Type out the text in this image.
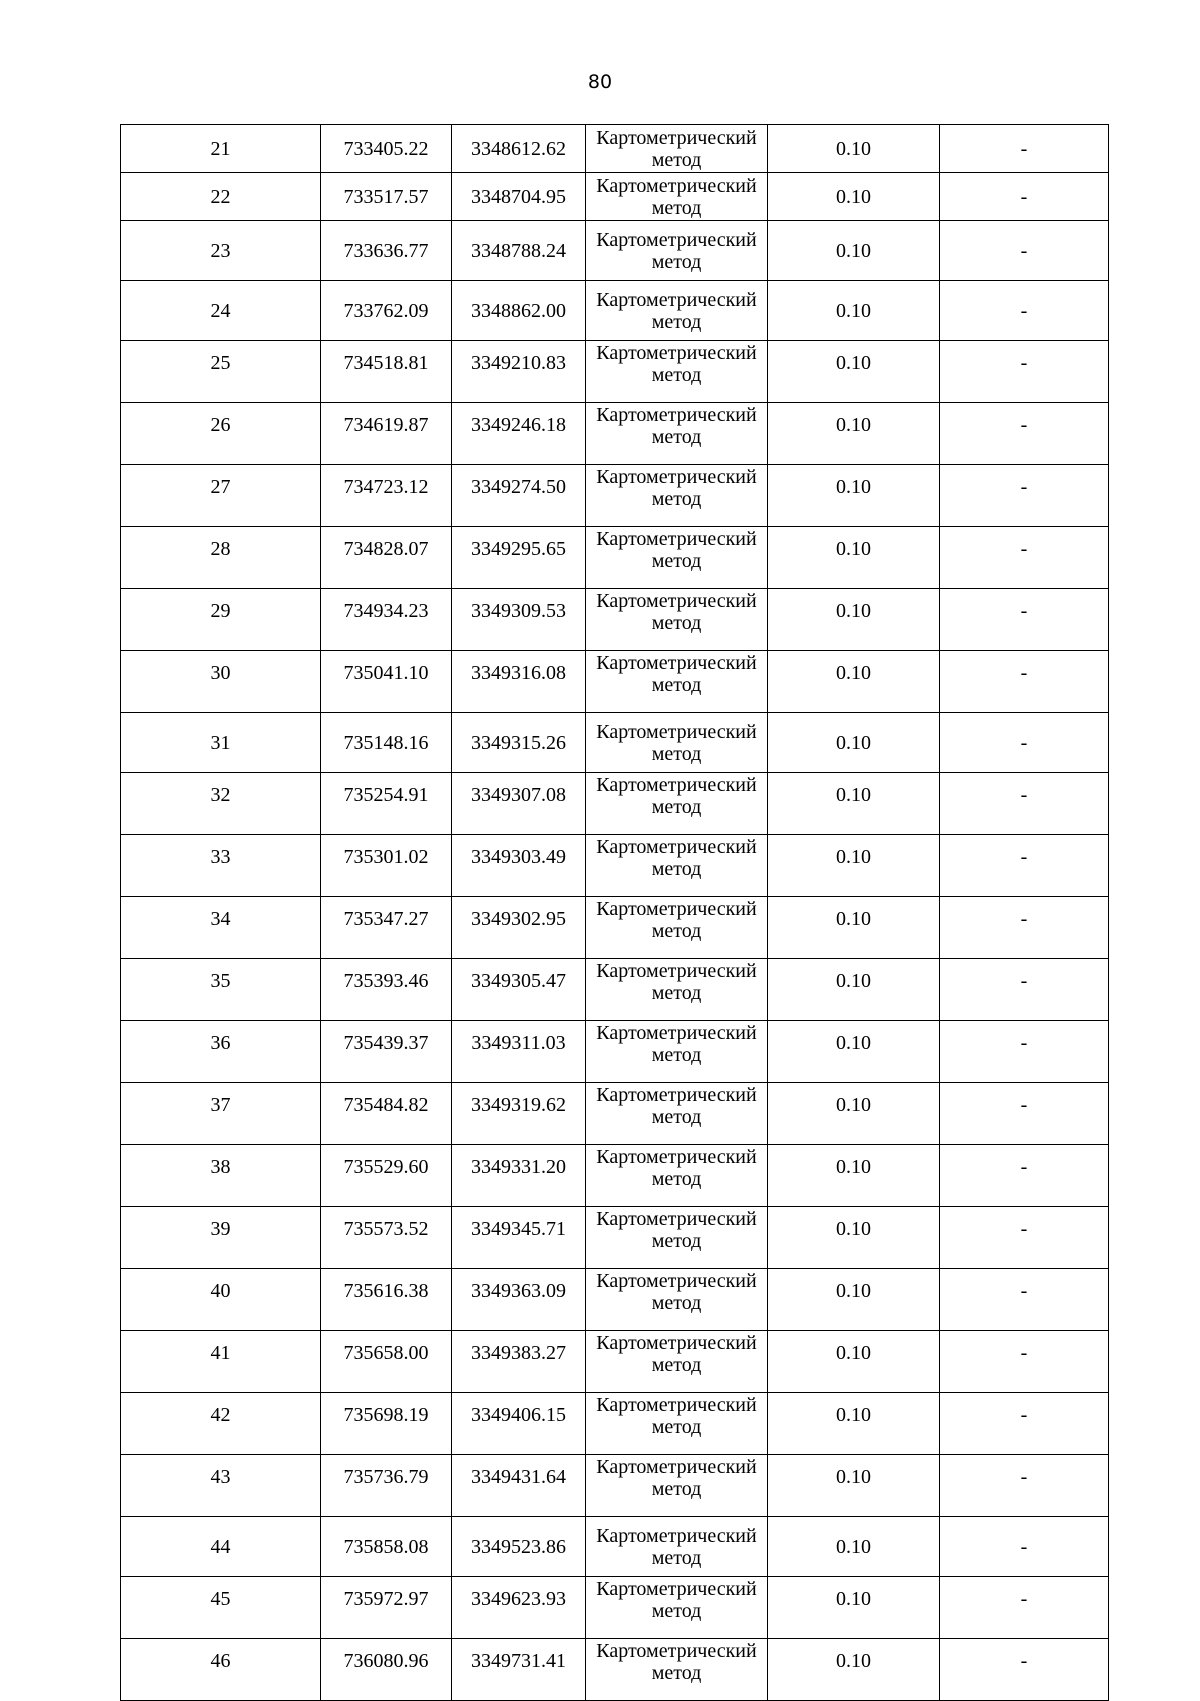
80
21	733405.22	3348612.62	Картометрический метод	0.10	-
22	733517.57	3348704.95	Картометрический метод	0.10	-
23	733636.77	3348788.24	Картометрический метод	0.10	-
24	733762.09	3348862.00	Картометрический метод	0.10	-
25	734518.81	3349210.83	Картометрический метод	0.10	-
26	734619.87	3349246.18	Картометрический метод	0.10	-
27	734723.12	3349274.50	Картометрический метод	0.10	-
28	734828.07	3349295.65	Картометрический метод	0.10	-
29	734934.23	3349309.53	Картометрический метод	0.10	-
30	735041.10	3349316.08	Картометрический метод	0.10	-
31	735148.16	3349315.26	Картометрический метод	0.10	-
32	735254.91	3349307.08	Картометрический метод	0.10	-
33	735301.02	3349303.49	Картометрический метод	0.10	-
34	735347.27	3349302.95	Картометрический метод	0.10	-
35	735393.46	3349305.47	Картометрический метод	0.10	-
36	735439.37	3349311.03	Картометрический метод	0.10	-
37	735484.82	3349319.62	Картометрический метод	0.10	-
38	735529.60	3349331.20	Картометрический метод	0.10	-
39	735573.52	3349345.71	Картометрический метод	0.10	-
40	735616.38	3349363.09	Картометрический метод	0.10	-
41	735658.00	3349383.27	Картометрический метод	0.10	-
42	735698.19	3349406.15	Картометрический метод	0.10	-
43	735736.79	3349431.64	Картометрический метод	0.10	-
44	735858.08	3349523.86	Картометрический метод	0.10	-
45	735972.97	3349623.93	Картометрический метод	0.10	-
46	736080.96	3349731.41	Картометрический метод	0.10	-
